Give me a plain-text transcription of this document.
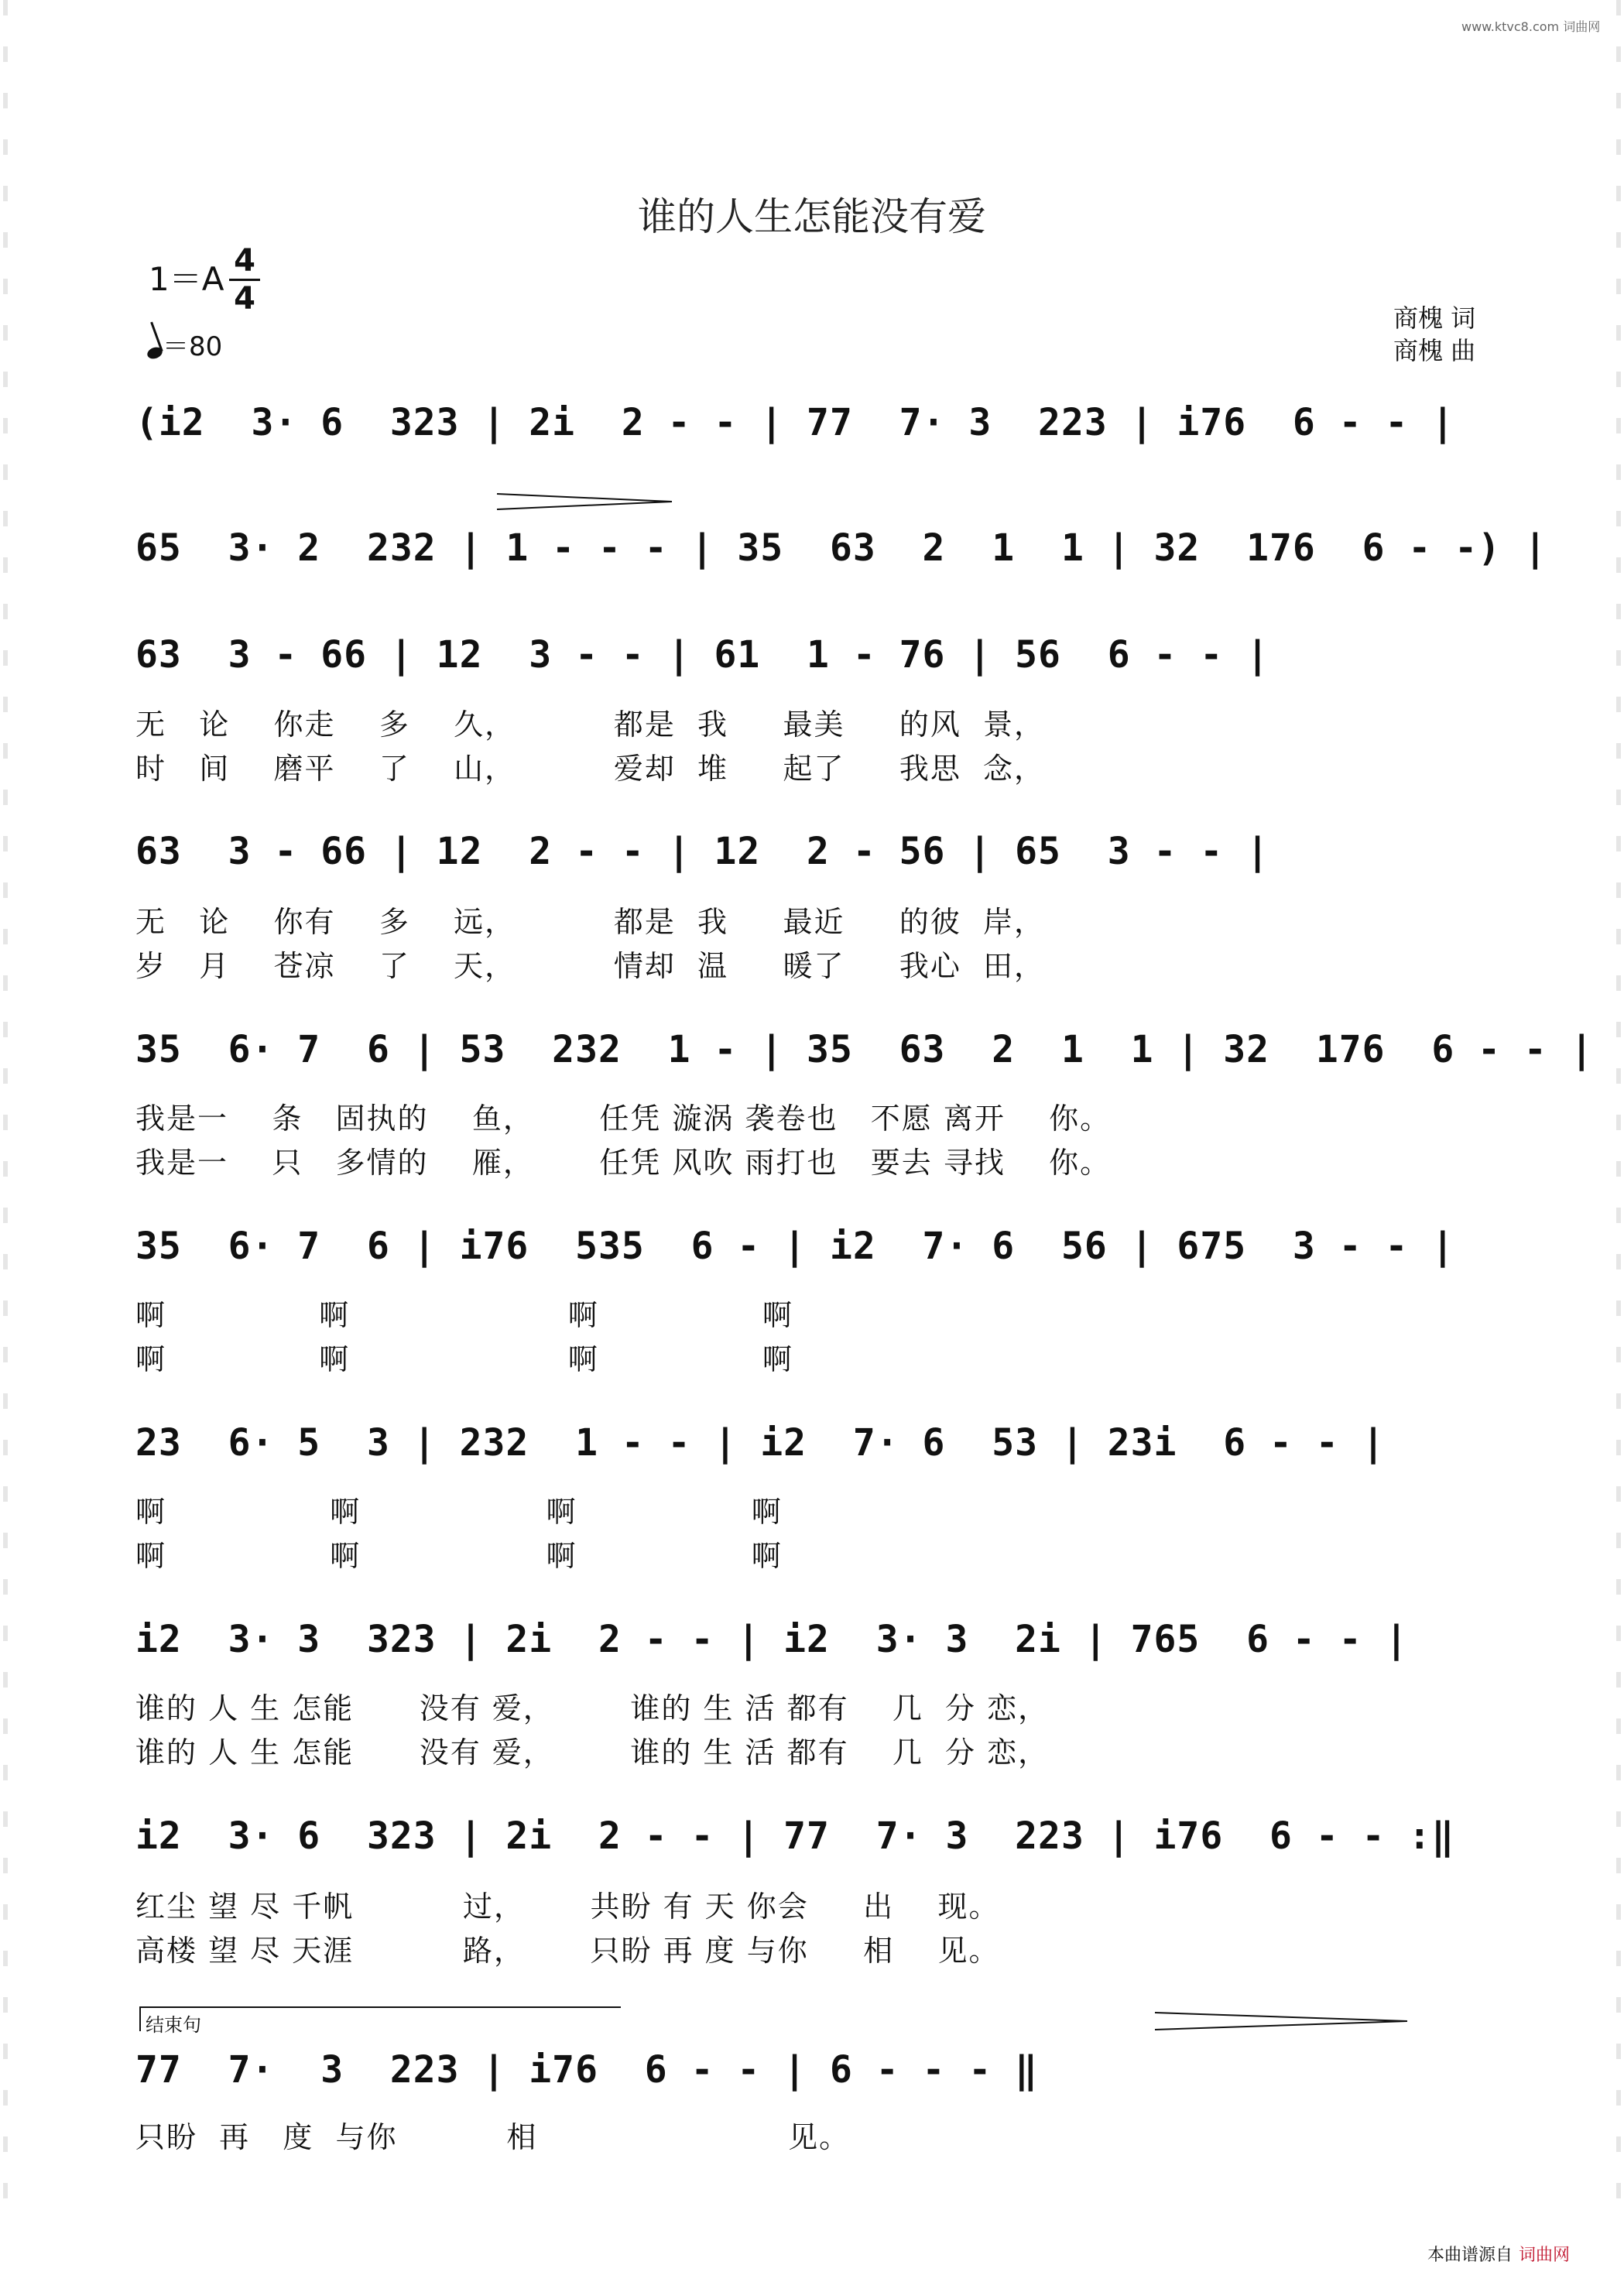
www.ktvc8.com 词曲网
谁的人生怎能没有爱
1＝A 4
4
＝80
商槐 词
商槐 曲
(i2  3· 6  323 | 2i  2 - - | 77  7· 3  223 | i76  6 - - |
65  3· 2  232 | 1 - - - | 35  63  2  1  1 | 32  176  6 - -) |
63  3 - 66 | 12  3 - - | 61  1 - 76 | 56  6 - - |
无   论    你走    多    久，         都是  我     最美     的风  景，
时   间    磨平    了    山，         爱却  堆     起了     我思  念，
63  3 - 66 | 12  2 - - | 12  2 - 56 | 65  3 - - |
无   论    你有    多    远，         都是  我     最近     的彼  岸，
岁   月    苍凉    了    天，         情却  温     暖了     我心  田，
35  6· 7  6 | 53  232  1 - | 35  63  2  1  1 | 32  176  6 - - |
我是一    条   固执的    鱼，      任凭 漩涡 袭卷也   不愿 离开    你。
我是一    只   多情的    雁，      任凭 风吹 雨打也   要去 寻找    你。
35  6· 7  6 | i76  535  6 - | i2  7· 6  56 | 675  3 - - |
啊              啊                    啊               啊
啊              啊                    啊               啊
23  6· 5  3 | 232  1 - - | i2  7· 6  53 | 23i  6 - - |
啊               啊                 啊                啊
啊               啊                 啊                啊
i2  3· 3  323 | 2i  2 - - | i2  3· 3  2i | 765  6 - - |
谁的 人 生 怎能      没有 爱，       谁的 生 活 都有    几  分 恋，
谁的 人 生 怎能      没有 爱，       谁的 生 活 都有    几  分 恋，
i2  3· 6  323 | 2i  2 - - | 77  7· 3  223 | i76  6 - - :‖
红尘 望 尽 千帆          过，      共盼 有 天 你会     出    现。
高楼 望 尽 天涯          路，      只盼 再 度 与你     相    见。
结束句
77  7·  3  223 | i76  6 - - | 6 - - - ‖
只盼  再   度  与你          相                       见。
本曲谱源自 词曲网
